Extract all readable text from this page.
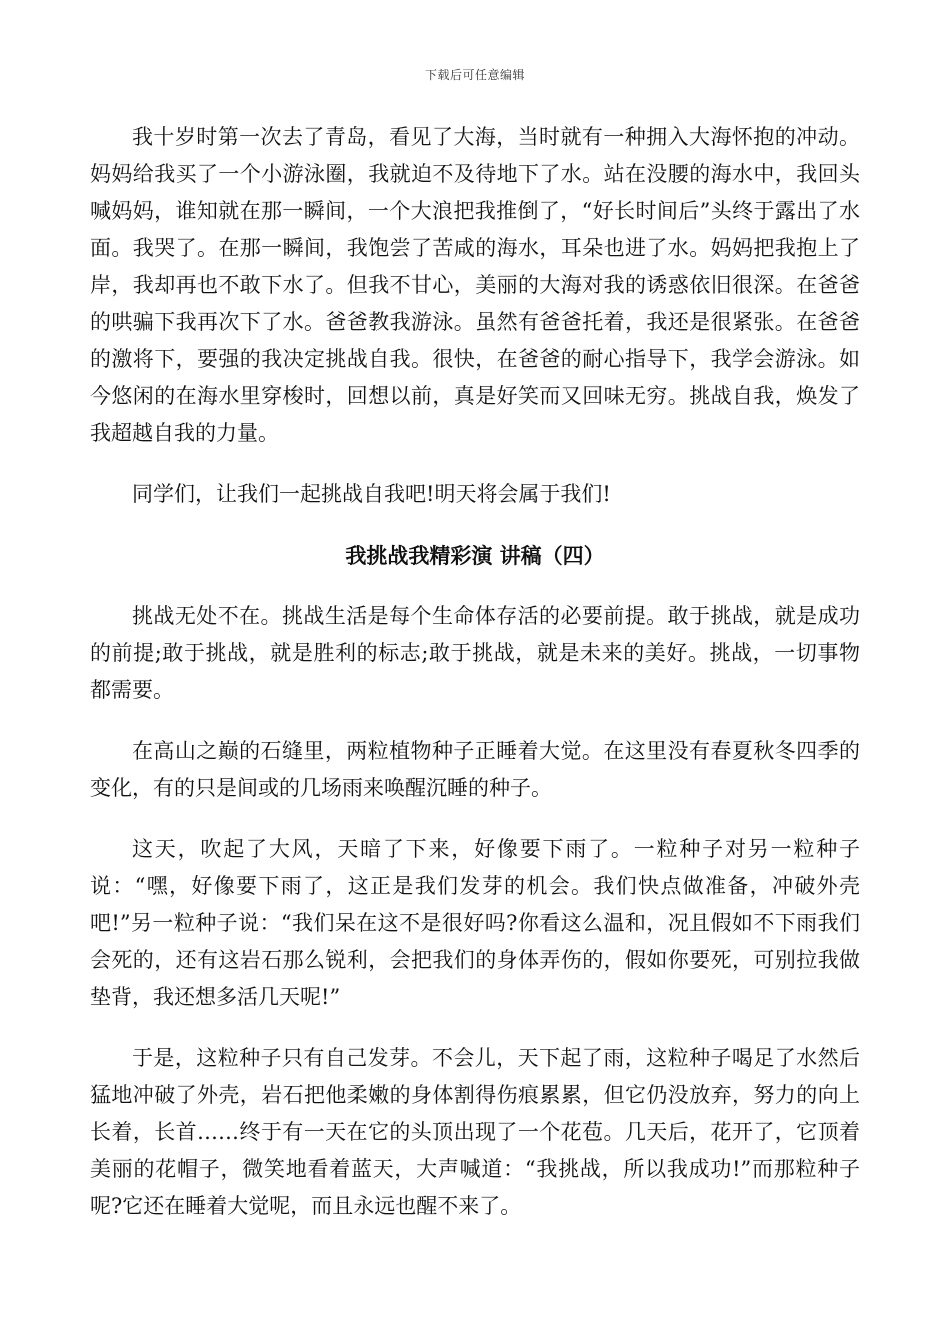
下载后可任意编辑

我十岁时第一次去了青岛，看见了大海，当时就有一种拥入大海怀抱的冲动。妈妈给我买了一个小游泳圈，我就迫不及待地下了水。站在没腰的海水中，我回头喊妈妈，谁知就在那一瞬间，一个大浪把我推倒了，“好长时间后”头终于露出了水面。我哭了。在那一瞬间，我饱尝了苦咸的海水，耳朵也进了水。妈妈把我抱上了岸，我却再也不敢下水了。但我不甘心，美丽的大海对我的诱惑依旧很深。在爸爸的哄骗下我再次下了水。爸爸教我游泳。虽然有爸爸托着，我还是很紧张。在爸爸的激将下，要强的我决定挑战自我。很快，在爸爸的耐心指导下，我学会游泳。如今悠闲的在海水里穿梭时，回想以前，真是好笑而又回味无穷。挑战自我，焕发了我超越自我的力量。

同学们，让我们一起挑战自我吧!明天将会属于我们!

我挑战我精彩演 讲稿（四）

挑战无处不在。挑战生活是每个生命体存活的必要前提。敢于挑战，就是成功的前提;敢于挑战，就是胜利的标志;敢于挑战，就是未来的美好。挑战，一切事物都需要。

在高山之巅的石缝里，两粒植物种子正睡着大觉。在这里没有春夏秋冬四季的变化，有的只是间或的几场雨来唤醒沉睡的种子。

这天，吹起了大风，天暗了下来，好像要下雨了。一粒种子对另一粒种子说：“嘿，好像要下雨了，这正是我们发芽的机会。我们快点做准备，冲破外壳吧!”另一粒种子说：“我们呆在这不是很好吗?你看这么温和，况且假如不下雨我们会死的，还有这岩石那么锐利，会把我们的身体弄伤的，假如你要死，可别拉我做垫背，我还想多活几天呢!”

于是，这粒种子只有自己发芽。不会儿，天下起了雨，这粒种子喝足了水然后猛地冲破了外壳，岩石把他柔嫩的身体割得伤痕累累，但它仍没放弃，努力的向上长着，长首……终于有一天在它的头顶出现了一个花苞。几天后，花开了，它顶着美丽的花帽子，微笑地看着蓝天，大声喊道：“我挑战，所以我成功!”而那粒种子呢?它还在睡着大觉呢，而且永远也醒不来了。
